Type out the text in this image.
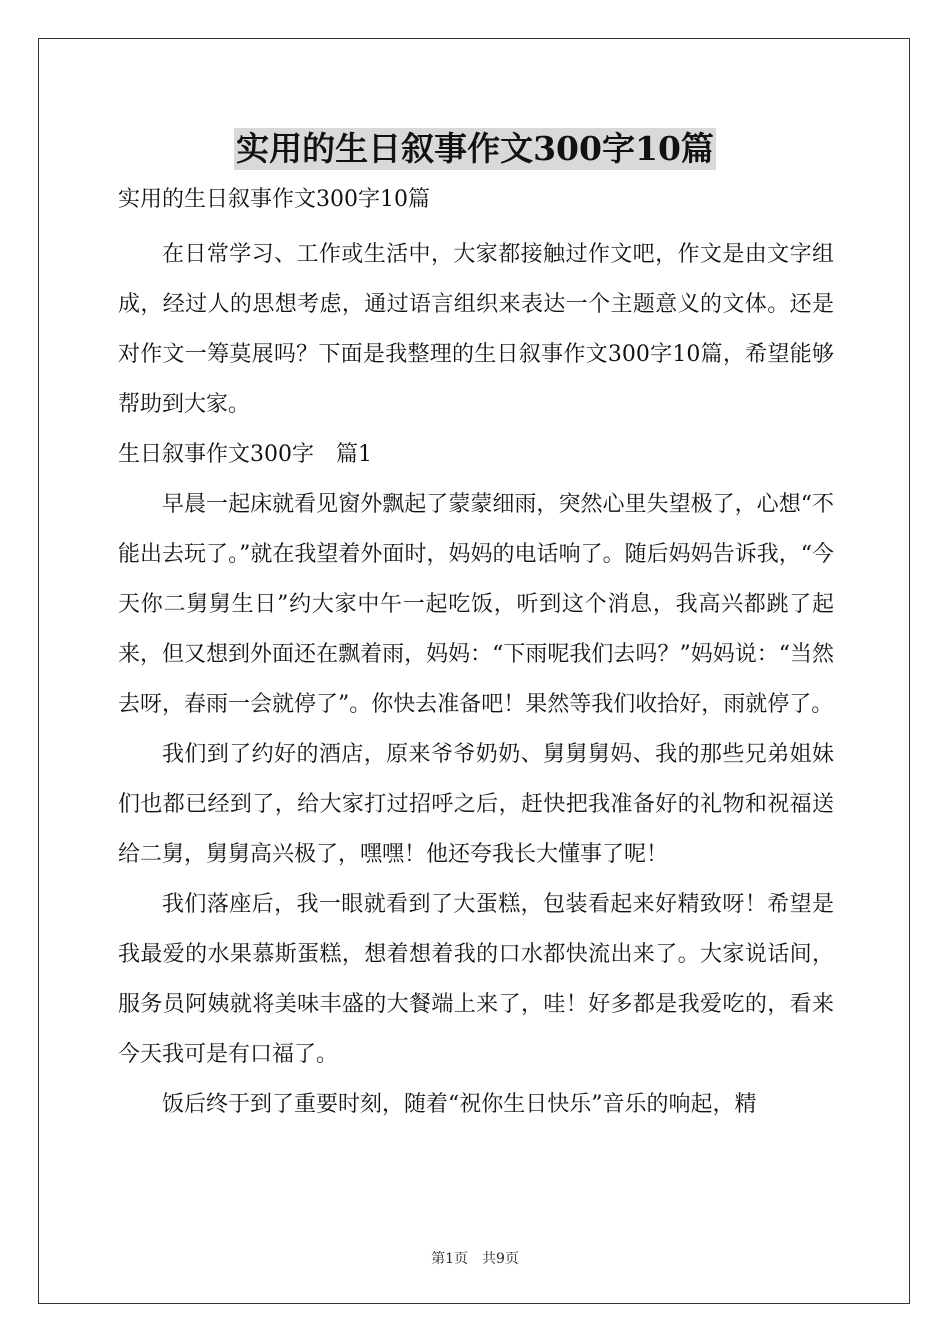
实用的生日叙事作文300字10篇

实用的生日叙事作文300字10篇

在日常学习、工作或生活中，大家都接触过作文吧，作文是由文字组成，经过人的思想考虑，通过语言组织来表达一个主题意义的文体。还是对作文一筹莫展吗？下面是我整理的生日叙事作文300字10篇，希望能够帮助到大家。

生日叙事作文300字　篇1

早晨一起床就看见窗外飘起了蒙蒙细雨，突然心里失望极了，心想“不能出去玩了。”就在我望着外面时，妈妈的电话响了。随后妈妈告诉我，“今天你二舅舅生日”约大家中午一起吃饭，听到这个消息，我高兴都跳了起来，但又想到外面还在飘着雨，妈妈：“下雨呢我们去吗？”妈妈说：“当然去呀，春雨一会就停了”。你快去准备吧！果然等我们收拾好，雨就停了。

我们到了约好的酒店，原来爷爷奶奶、舅舅舅妈、我的那些兄弟姐妹们也都已经到了，给大家打过招呼之后，赶快把我准备好的礼物和祝福送给二舅，舅舅高兴极了，嘿嘿！他还夸我长大懂事了呢！

我们落座后，我一眼就看到了大蛋糕，包装看起来好精致呀！希望是我最爱的水果慕斯蛋糕，想着想着我的口水都快流出来了。大家说话间，服务员阿姨就将美味丰盛的大餐端上来了，哇！好多都是我爱吃的，看来今天我可是有口福了。

饭后终于到了重要时刻，随着“祝你生日快乐”音乐的响起，精

第1页 共9页
